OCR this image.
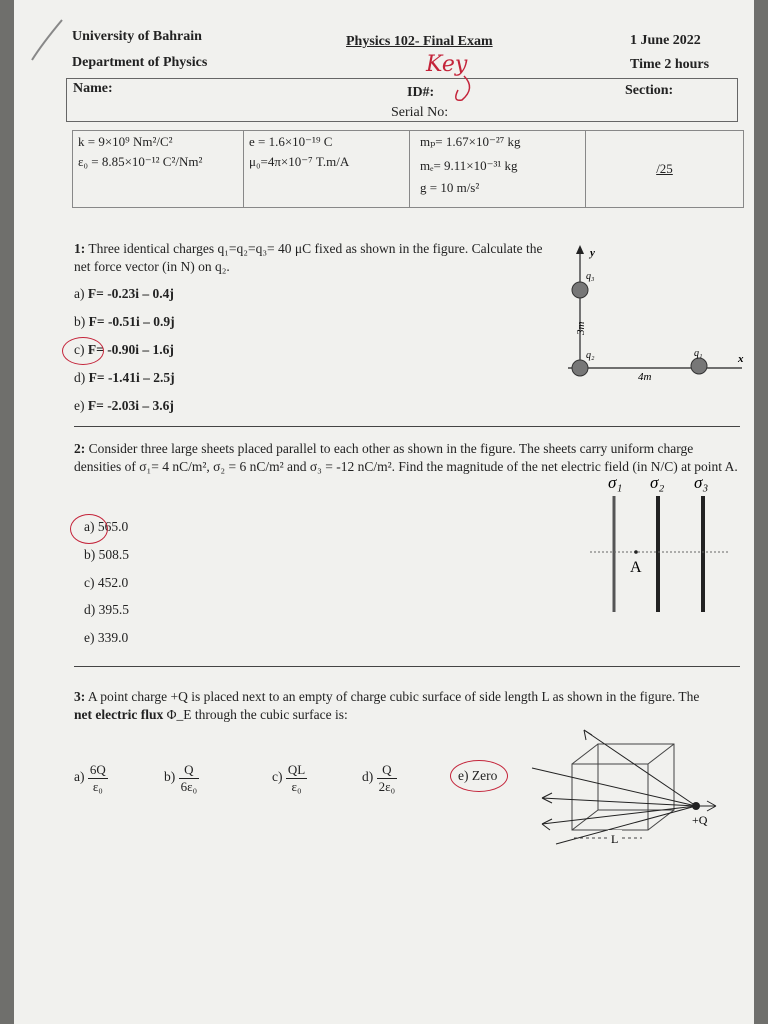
University of Bahrain
Department of Physics
Physics 102- Final Exam	1 June 2022
Time 2 hours
Name:	ID#:	Section:
Serial No:
Key
k = 9×10⁹ Nm²/C²
ε₀ = 8.85×10⁻¹² C²/Nm²

e = 1.6×10⁻¹⁹ C
μ₀=4π×10⁻⁷ T.m/A

mₚ= 1.67×10⁻²⁷ kg
mₑ= 9.11×10⁻³¹ kg
g = 10 m/s²
	/25
1: Three identical charges q₁=q₂=q₃= 40 μC fixed as shown in the figure. Calculate the net force vector (in N) on q₂.
a) F= -0.23i – 0.4j
b) F= -0.51i – 0.9j
c) F= -0.90i – 1.6j
d) F= -1.41i – 2.5j
e) F= -2.03i – 3.6j
y
x
q₃
q₂	q₁
3m
4m
2: Consider three large sheets placed parallel to each other as shown in the figure. The sheets carry uniform charge densities of σ₁= 4 nC/m², σ₂ = 6 nC/m² and σ₃ = -12 nC/m². Find the magnitude of the net electric field (in N/C) at point A.
a) 565.0
b) 508.5
c) 452.0
d) 395.5
e) 339.0
σ₁ σ₂ σ₃
A
3: A point charge +Q is placed next to an empty of charge cubic surface of side length L as shown in the figure. The net electric flux Φ_E through the cubic surface is:
$a) \frac{6Q}{\text{ε₀}}$	$b) \frac{Q}{\text{6ε₀}}$	$c) \frac{QL}{\text{ε₀}}$	$d) \frac{Q}{\text{2ε₀}}$	e) Zero
+Q
L
